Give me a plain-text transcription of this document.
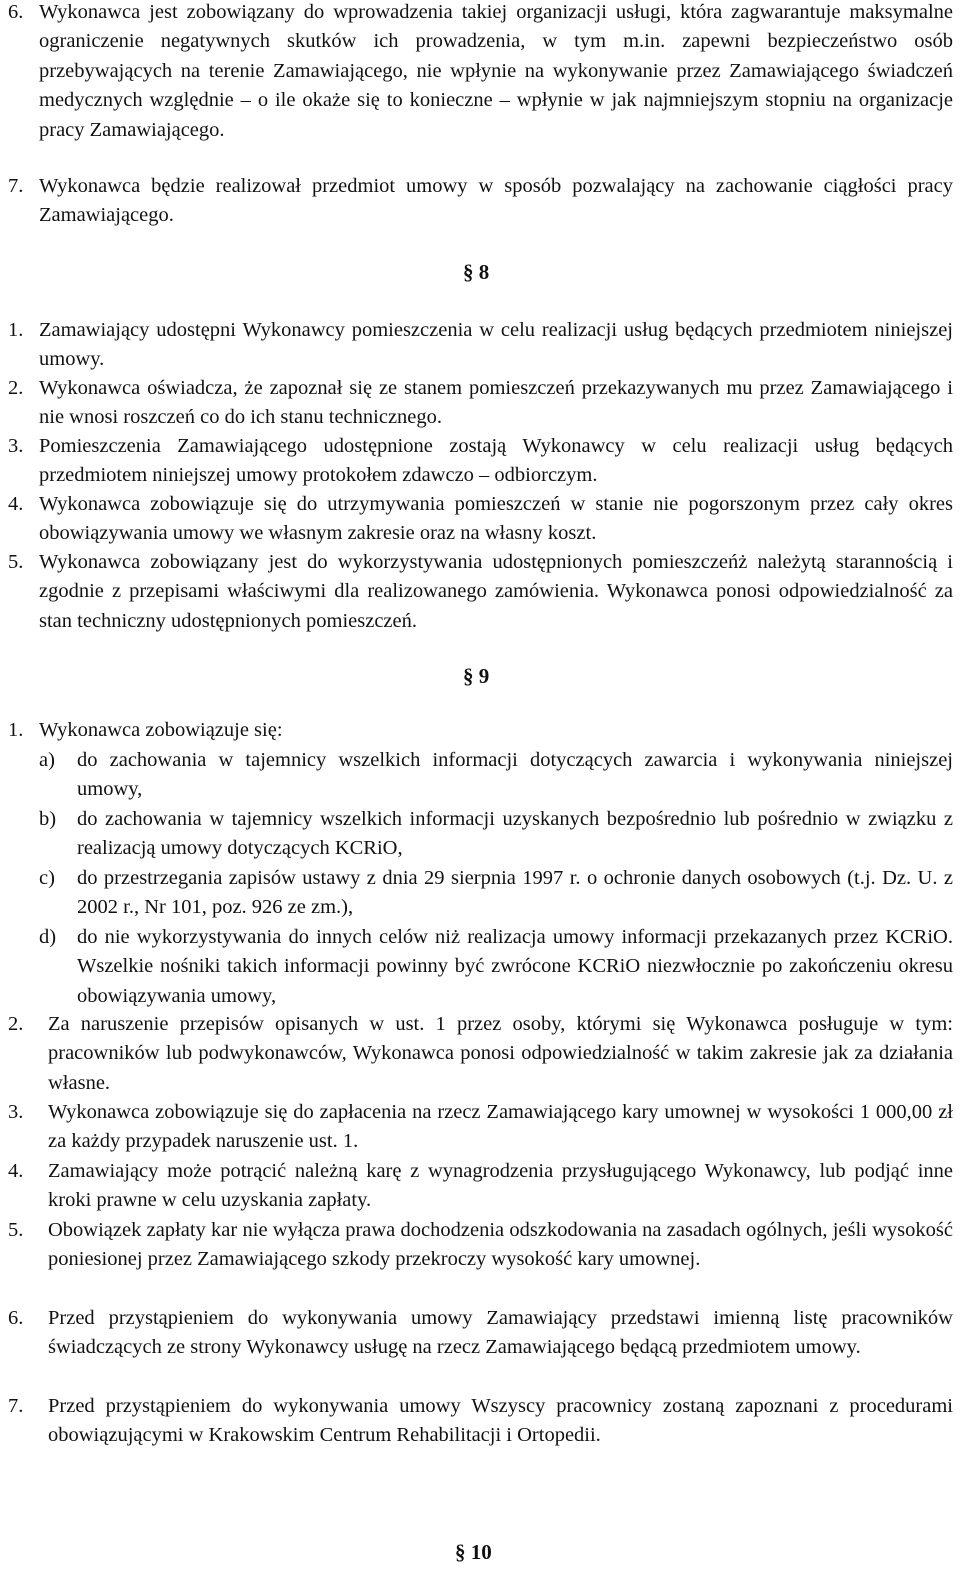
6. Wykonawca jest zobowiązany do wprowadzenia takiej organizacji usługi, która zagwarantuje maksymalne ograniczenie negatywnych skutków ich prowadzenia, w tym m.in. zapewni bezpieczeństwo osób przebywających na terenie Zamawiającego, nie wpłynie na wykonywanie przez Zamawiającego świadczeń medycznych względnie – o ile okaże się to konieczne – wpłynie w jak najmniejszym stopniu na organizacje pracy Zamawiającego.
7. Wykonawca będzie realizował przedmiot umowy w sposób pozwalający na zachowanie ciągłości pracy Zamawiającego.
§ 8
1. Zamawiający udostępni Wykonawcy pomieszczenia w celu realizacji usług będących przedmiotem niniejszej umowy.
2. Wykonawca oświadcza, że zapoznał się ze stanem pomieszczeń przekazywanych mu przez Zamawiającego i nie wnosi roszczeń co do ich stanu technicznego.
3. Pomieszczenia Zamawiającego udostępnione zostają Wykonawcy w celu realizacji usług będących przedmiotem niniejszej umowy protokołem zdawczo – odbiorczym.
4. Wykonawca zobowiązuje się do utrzymywania pomieszczeń w stanie nie pogorszonym przez cały okres obowiązywania umowy we własnym zakresie oraz na własny koszt.
5. Wykonawca zobowiązany jest do wykorzystywania udostępnionych pomieszczeńż należytą starannością i zgodnie z przepisami właściwymi dla realizowanego zamówienia. Wykonawca ponosi odpowiedzialność za stan techniczny udostępnionych pomieszczeń.
§ 9
1. Wykonawca zobowiązuje się:
a) do zachowania w tajemnicy wszelkich informacji dotyczących zawarcia i wykonywania niniejszej umowy,
b) do zachowania w tajemnicy wszelkich informacji uzyskanych bezpośrednio lub pośrednio w związku z realizacją umowy dotyczących KCRiO,
c) do przestrzegania zapisów ustawy z dnia 29 sierpnia 1997 r. o ochronie danych osobowych (t.j. Dz. U. z 2002 r., Nr 101, poz. 926 ze zm.),
d) do nie wykorzystywania do innych celów niż realizacja umowy informacji przekazanych przez KCRiO. Wszelkie nośniki takich informacji powinny być zwrócone KCRiO niezwłocznie po zakończeniu okresu obowiązywania umowy,
2. Za naruszenie przepisów opisanych w ust. 1 przez osoby, którymi się Wykonawca posługuje w tym: pracowników lub podwykonawców, Wykonawca ponosi odpowiedzialność w takim zakresie jak za działania własne.
3. Wykonawca zobowiązuje się do zapłacenia na rzecz Zamawiającego kary umownej w wysokości 1 000,00 zł za każdy przypadek naruszenie ust. 1.
4. Zamawiający może potrącić należną karę z wynagrodzenia przysługującego Wykonawcy, lub podjąć inne kroki prawne w celu uzyskania zapłaty.
5. Obowiązek zapłaty kar nie wyłącza prawa dochodzenia odszkodowania na zasadach ogólnych, jeśli wysokość poniesionej przez Zamawiającego szkody przekroczy wysokość kary umownej.
6. Przed przystąpieniem do wykonywania umowy Zamawiający przedstawi imienną listę pracowników świadczących ze strony Wykonawcy usługę na rzecz Zamawiającego będącą przedmiotem umowy.
7. Przed przystąpieniem do wykonywania umowy Wszyscy pracownicy zostaną zapoznani z procedurami obowiązującymi w Krakowskim Centrum Rehabilitacji i Ortopedii.
§ 10
